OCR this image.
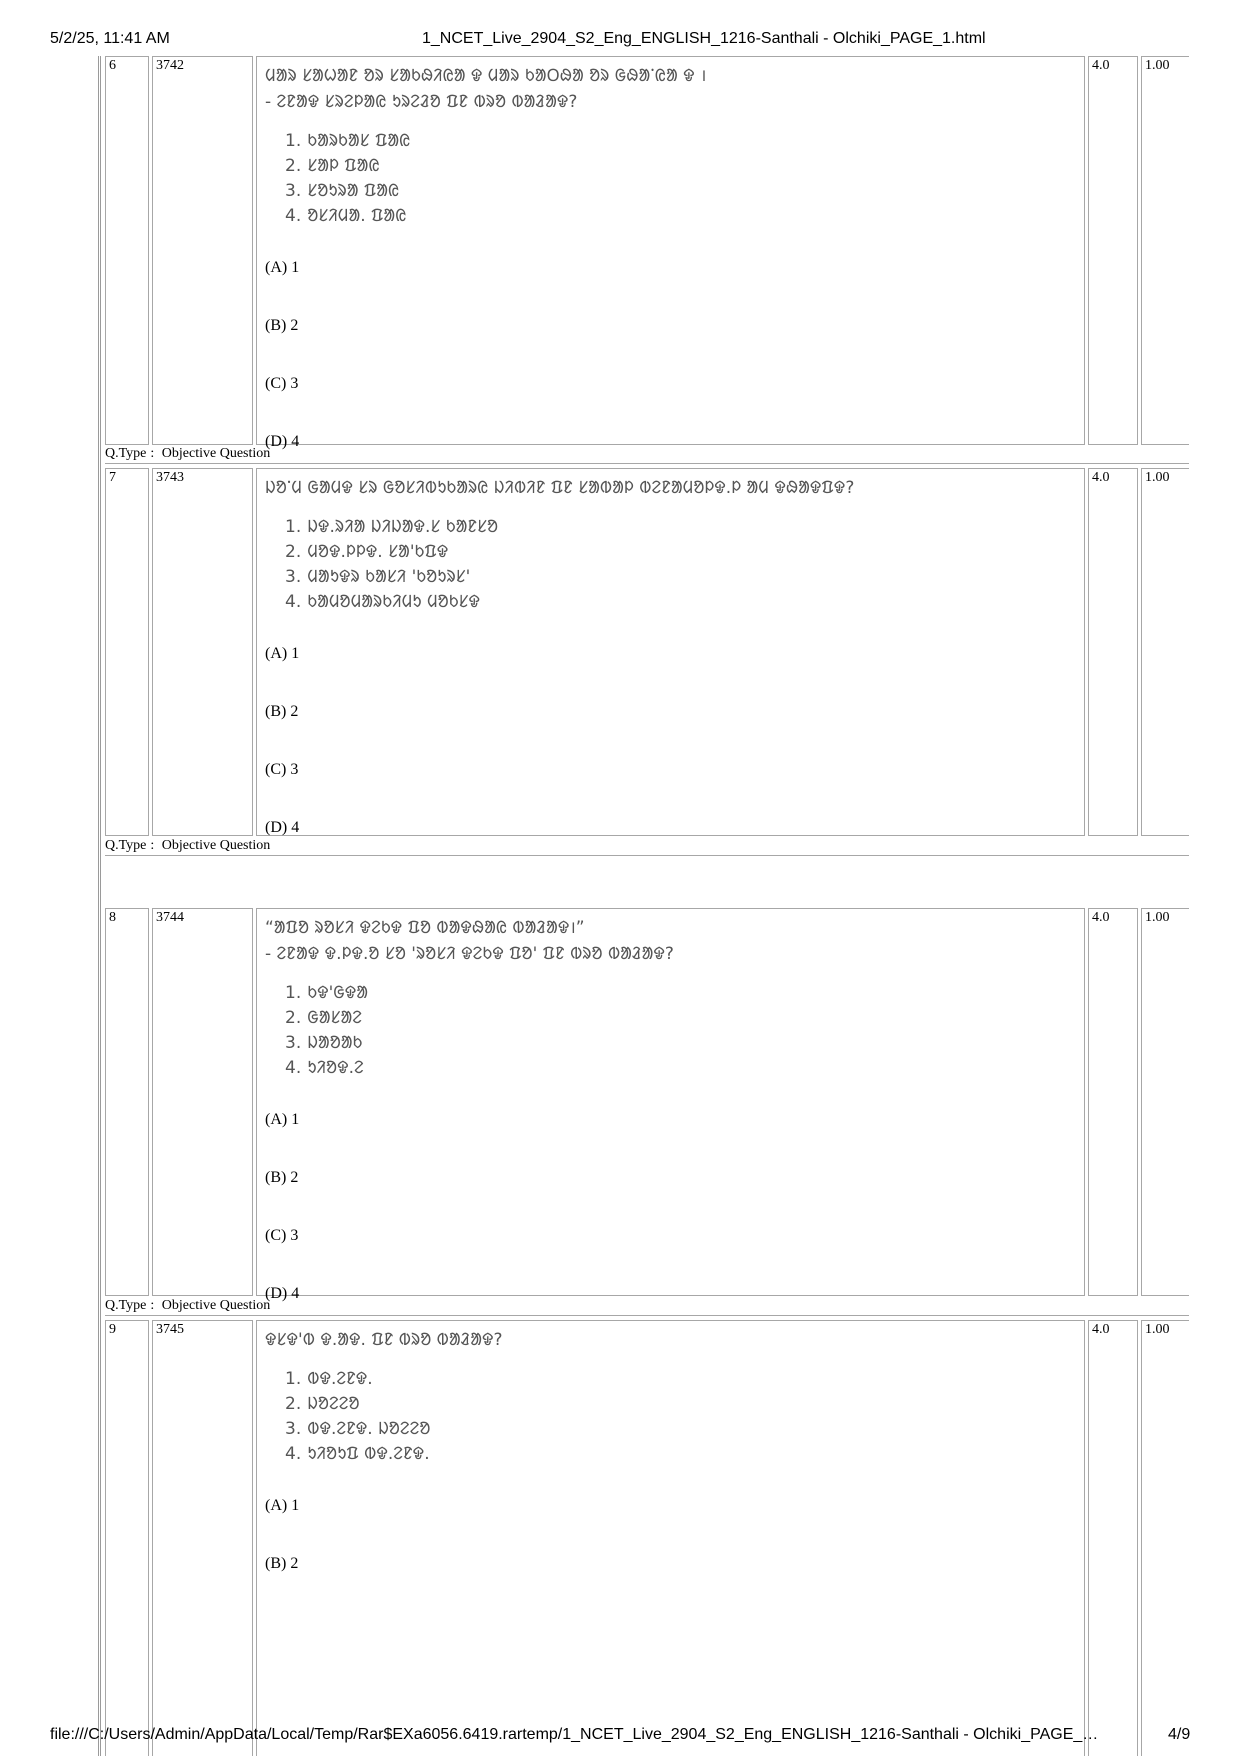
5/2/25, 11:41 AM	1_NCET_Live_2904_S2_Eng_ENGLISH_1216-Santhali - Olchiki_PAGE_1.html
6	3742
ᱢᱟᱨ ᱥᱟᱦᱟᱱ ᱚᱨ ᱥᱟᱠᱷᱤᱭᱟ ᱫ ᱢᱟᱨ ᱠᱟᱛᱷᱟ ᱚᱨ ᱜᱷᱟᱸᱭᱟ ᱫ ।
- ᱮᱱᱟᱫ ᱥᱨᱮᱞᱟᱭ ᱩᱨᱮᱲᱚ ᱯᱱ ᱵᱨᱚ ᱵᱟᱲᱟᱫ?
1. ᱠᱟᱨᱠᱟᱥ ᱯᱟᱭ
2. ᱥᱟᱞ ᱯᱟᱭ
3. ᱥᱚᱩᱨᱟ ᱯᱟᱭ
4. ᱚᱥᱤᱢᱟ. ᱯᱟᱭ
(A) 1
(B) 2
(C) 3
(D) 4
4.0	1.00
Q.Type : Objective Question
7	3743
ᱡᱚᱸᱢ ᱜᱟᱢᱫ ᱥᱨ ᱜᱚᱥᱤᱵᱩᱠᱟᱨᱭ ᱡᱤᱵᱤᱱ ᱯᱱ ᱥᱟᱵᱟᱞ ᱵᱮᱱᱟᱢᱚᱞᱫ.ᱞ ᱟᱢ ᱫᱷᱟᱫᱯᱫ?
1. ᱡᱫ.ᱨᱤᱟ ᱡᱤᱡᱟᱫ.ᱥ ᱠᱟᱱᱥᱚ
2. ᱢᱚᱫ.ᱞᱞᱫ. ᱥᱟ'ᱠᱯᱫ
3. ᱢᱟᱩᱫᱨ ᱠᱟᱥᱤ 'ᱠᱚᱩᱨᱥ'
4. ᱠᱟᱢᱚᱢᱟᱨᱠᱤᱢᱩ ᱢᱚᱠᱥᱫ
(A) 1
(B) 2
(C) 3
(D) 4
4.0	1.00
Q.Type : Objective Question
8	3744
“ᱟᱯᱚ ᱨᱚᱥᱤ ᱫᱮᱠᱫ ᱯᱚ ᱵᱟᱫᱷᱟᱭ ᱵᱟᱲᱟᱫ।”
- ᱮᱱᱟᱫ ᱫ.ᱞᱫ.ᱚ ᱥᱚ 'ᱨᱚᱥᱤ ᱫᱮᱠᱫ ᱯᱚ' ᱯᱱ ᱵᱨᱚ ᱵᱟᱲᱟᱫ?
1. ᱠᱫ'ᱜᱫᱟ
2. ᱜᱟᱥᱟᱮ
3. ᱡᱟᱚᱟᱠ
4. ᱩᱤᱚᱫ.ᱮ
(A) 1
(B) 2
(C) 3
(D) 4
4.0	1.00
Q.Type : Objective Question
9	3745
ᱫᱥᱫ'ᱵ ᱫ.ᱟᱫ. ᱯᱱ ᱵᱨᱚ ᱵᱟᱲᱟᱫ?
1. ᱵᱫ.ᱮᱱᱫ.
2. ᱡᱚᱮᱮᱚ
3. ᱵᱫ.ᱮᱱᱫ. ᱡᱚᱮᱮᱚ
4. ᱩᱤᱚᱩᱯ ᱵᱫ.ᱮᱱᱫ.
(A) 1
(B) 2
4.0	1.00
file:///C:/Users/Admin/AppData/Local/Temp/Rar$EXa6056.6419.rartemp/1_NCET_Live_2904_S2_Eng_ENGLISH_1216-Santhali - Olchiki_PAGE_…	4/9
